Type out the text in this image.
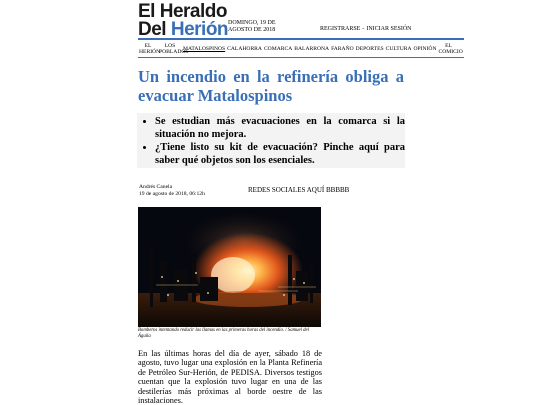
El Heraldo
Del Herión DOMINGO, 19 DE AGOSTO DE 2018	REGISTRARSE - INICIAR SESIÓN
EL HERIÓN
LOS POBLADOS
MATALOSPINOS CALAHORRA COMARCA BALARRONA FARAÑO DEPORTES CULTURA OPINIÓN	EL COMICIO
Un incendio en la refinería obliga a evacuar Matalospinos
• Se estudian más evacuaciones en la comarca si la situación no mejora.
• ¿Tiene listo su kit de evacuación? Pinche aquí para saber qué objetos son los esenciales.
Andrés Canela
19 de agosto de 2018, 06:12h	REDES SOCIALES AQUÍ BBBBB
Bomberos intentando reducir las llamas en las primeras horas del incendio. / Samuel del Águila

En las últimas horas del día de ayer, sábado 18 de agosto, tuvo lugar una explosión en la Planta Refinería de Petróleo Sur-Herión, de PEDISA. Diversos testigos cuentan que la explosión tuvo lugar en una de las destilerías más próximas al borde oestre de las instalaciones.
